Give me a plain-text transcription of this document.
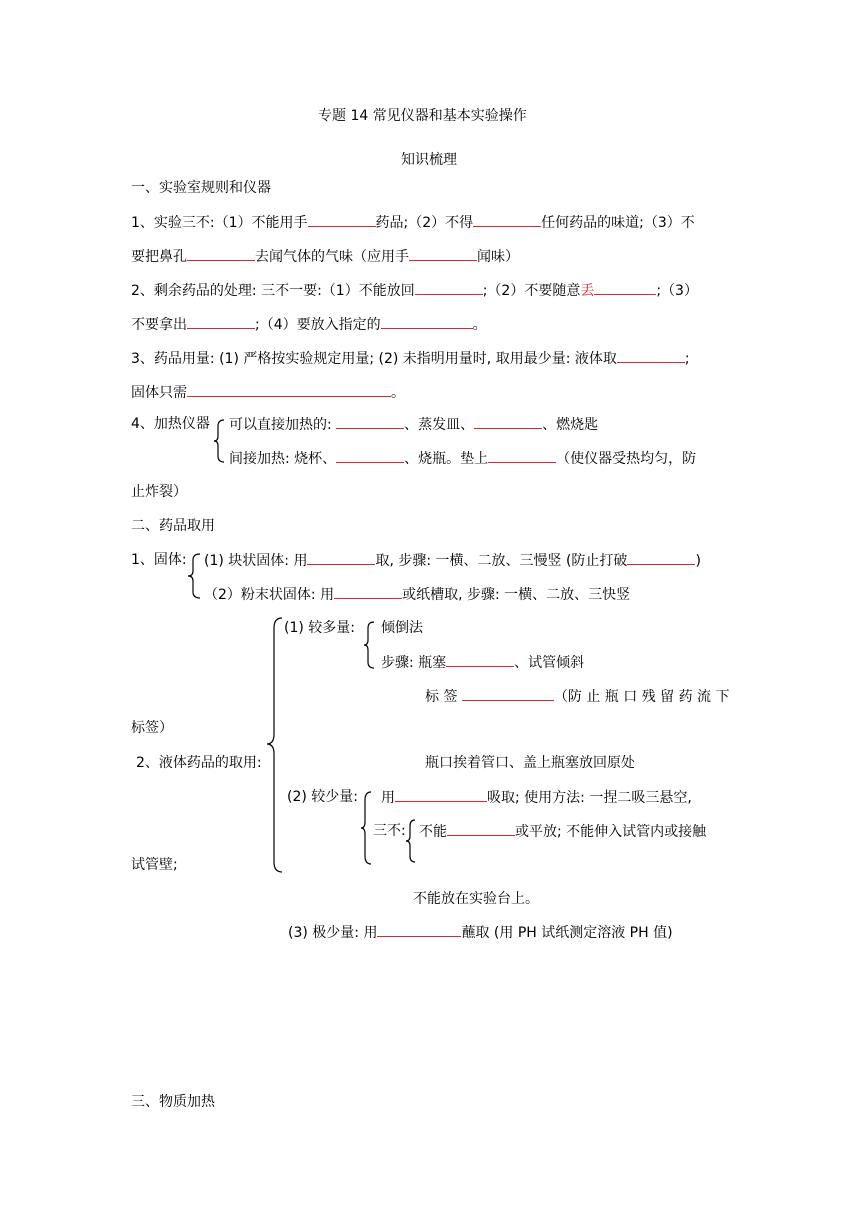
专题 14 常见仪器和基本实验操作
知识梳理
一、实验室规则和仪器
1、实验三不:（1）不能用手	药品;（2）不得	任何药品的味道;（3）不
要把鼻孔	去闻气体的气味（应用手	闻味）
2、剩余药品的处理: 三不一要:（1）不能放回	;（2）不要随意丢	;（3）
不要拿出	;（4）要放入指定的	。
3、药品用量: (1) 严格按实验规定用量; (2) 未指明用量时, 取用最少量: 液体取	;
固体只需	。
4、加热仪器 可以直接加热的:	、蒸发皿、	、燃烧匙
间接加热: 烧杯、	、烧瓶。垫上	（使仪器受热均匀，防
止炸裂）
二、药品取用
1、固体: (1) 块状固体: 用	取, 步骤: 一横、二放、三慢竖 (防止打破	)
（2）粉末状固体: 用	或纸槽取, 步骤: 一横、二放、三快竖
(1) 较多量: 倾倒法
步骤: 瓶塞	、试管倾斜
标 签	（防 止 瓶 口 残 留 药 流 下
标签）
2、液体药品的取用:	瓶口挨着管口、盖上瓶塞放回原处
(2) 较少量: 用	吸取; 使用方法: 一捏二吸三悬空,
三不: 不能	或平放; 不能伸入试管内或接触
试管壁;
不能放在实验台上。
(3) 极少量: 用	蘸取 (用 PH 试纸测定溶液 PH 值)
三、物质加热
